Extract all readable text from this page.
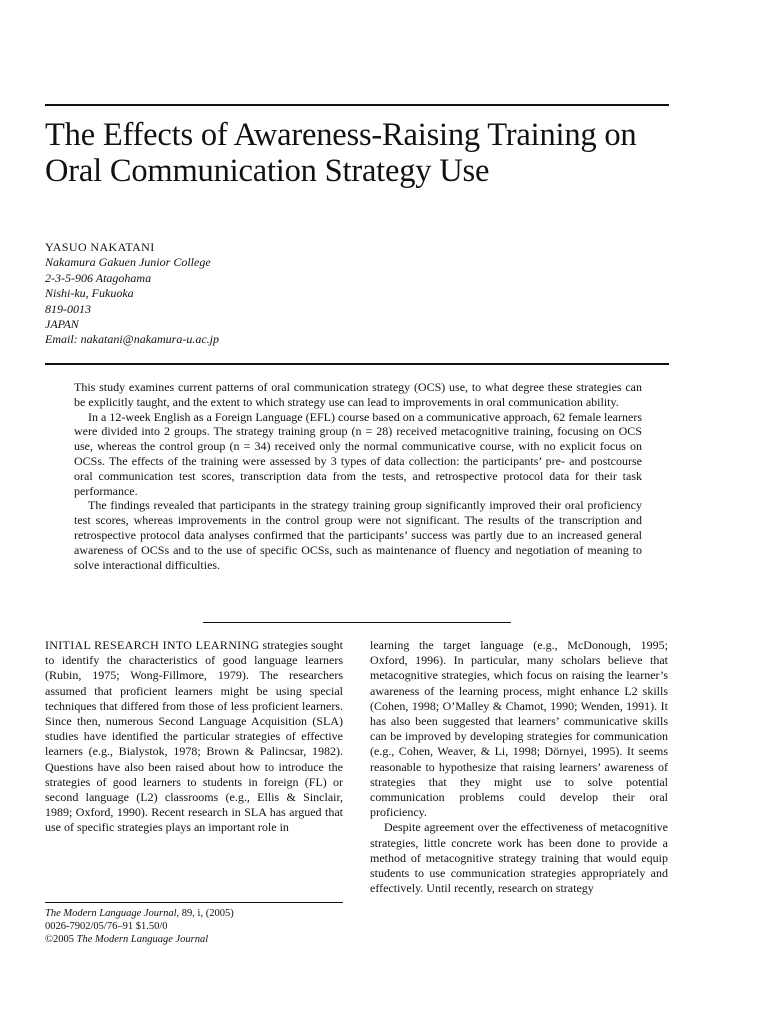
The Effects of Awareness-Raising Training on Oral Communication Strategy Use
YASUO NAKATANI
Nakamura Gakuen Junior College
2-3-5-906 Atagohama
Nishi-ku, Fukuoka
819-0013
JAPAN
Email: nakatani@nakamura-u.ac.jp

This study examines current patterns of oral communication strategy (OCS) use, to what degree these strategies can be explicitly taught, and the extent to which strategy use can lead to improvements in oral communication ability.

In a 12-week English as a Foreign Language (EFL) course based on a communicative approach, 62 female learners were divided into 2 groups. The strategy training group (n = 28) received metacognitive training, focusing on OCS use, whereas the control group (n = 34) received only the normal communicative course, with no explicit focus on OCSs. The effects of the training were assessed by 3 types of data collection: the participants’ pre- and postcourse oral communication test scores, transcription data from the tests, and retrospective protocol data for their task performance.

The findings revealed that participants in the strategy training group significantly improved their oral proficiency test scores, whereas improvements in the control group were not significant. The results of the transcription and retrospective protocol data analyses confirmed that the participants’ success was partly due to an increased general awareness of OCSs and to the use of specific OCSs, such as maintenance of fluency and negotiation of meaning to solve interactional difficulties.

INITIAL RESEARCH INTO LEARNING strategies sought to identify the characteristics of good language learners (Rubin, 1975; Wong-Fillmore, 1979). The researchers assumed that proficient learners might be using special techniques that differed from those of less proficient learners. Since then, numerous Second Language Acquisition (SLA) studies have identified the particular strategies of effective learners (e.g., Bialystok, 1978; Brown & Palincsar, 1982). Questions have also been raised about how to introduce the strategies of good learners to students in foreign (FL) or second language (L2) classrooms (e.g., Ellis & Sinclair, 1989; Oxford, 1990). Recent research in SLA has argued that use of specific strategies plays an important role in

The Modern Language Journal, 89, i, (2005)
0026-7902/05/76–91 $1.50/0
©2005 The Modern Language Journal

learning the target language (e.g., McDonough, 1995; Oxford, 1996). In particular, many scholars believe that metacognitive strategies, which focus on raising the learner’s awareness of the learning process, might enhance L2 skills (Cohen, 1998; O’Malley & Chamot, 1990; Wenden, 1991). It has also been suggested that learners’ communicative skills can be improved by developing strategies for communication (e.g., Cohen, Weaver, & Li, 1998; Dörnyei, 1995). It seems reasonable to hypothesize that raising learners’ awareness of strategies that they might use to solve potential communication problems could develop their oral proficiency.

Despite agreement over the effectiveness of metacognitive strategies, little concrete work has been done to provide a method of metacognitive strategy training that would equip students to use communication strategies appropriately and effectively. Until recently, research on strategy
